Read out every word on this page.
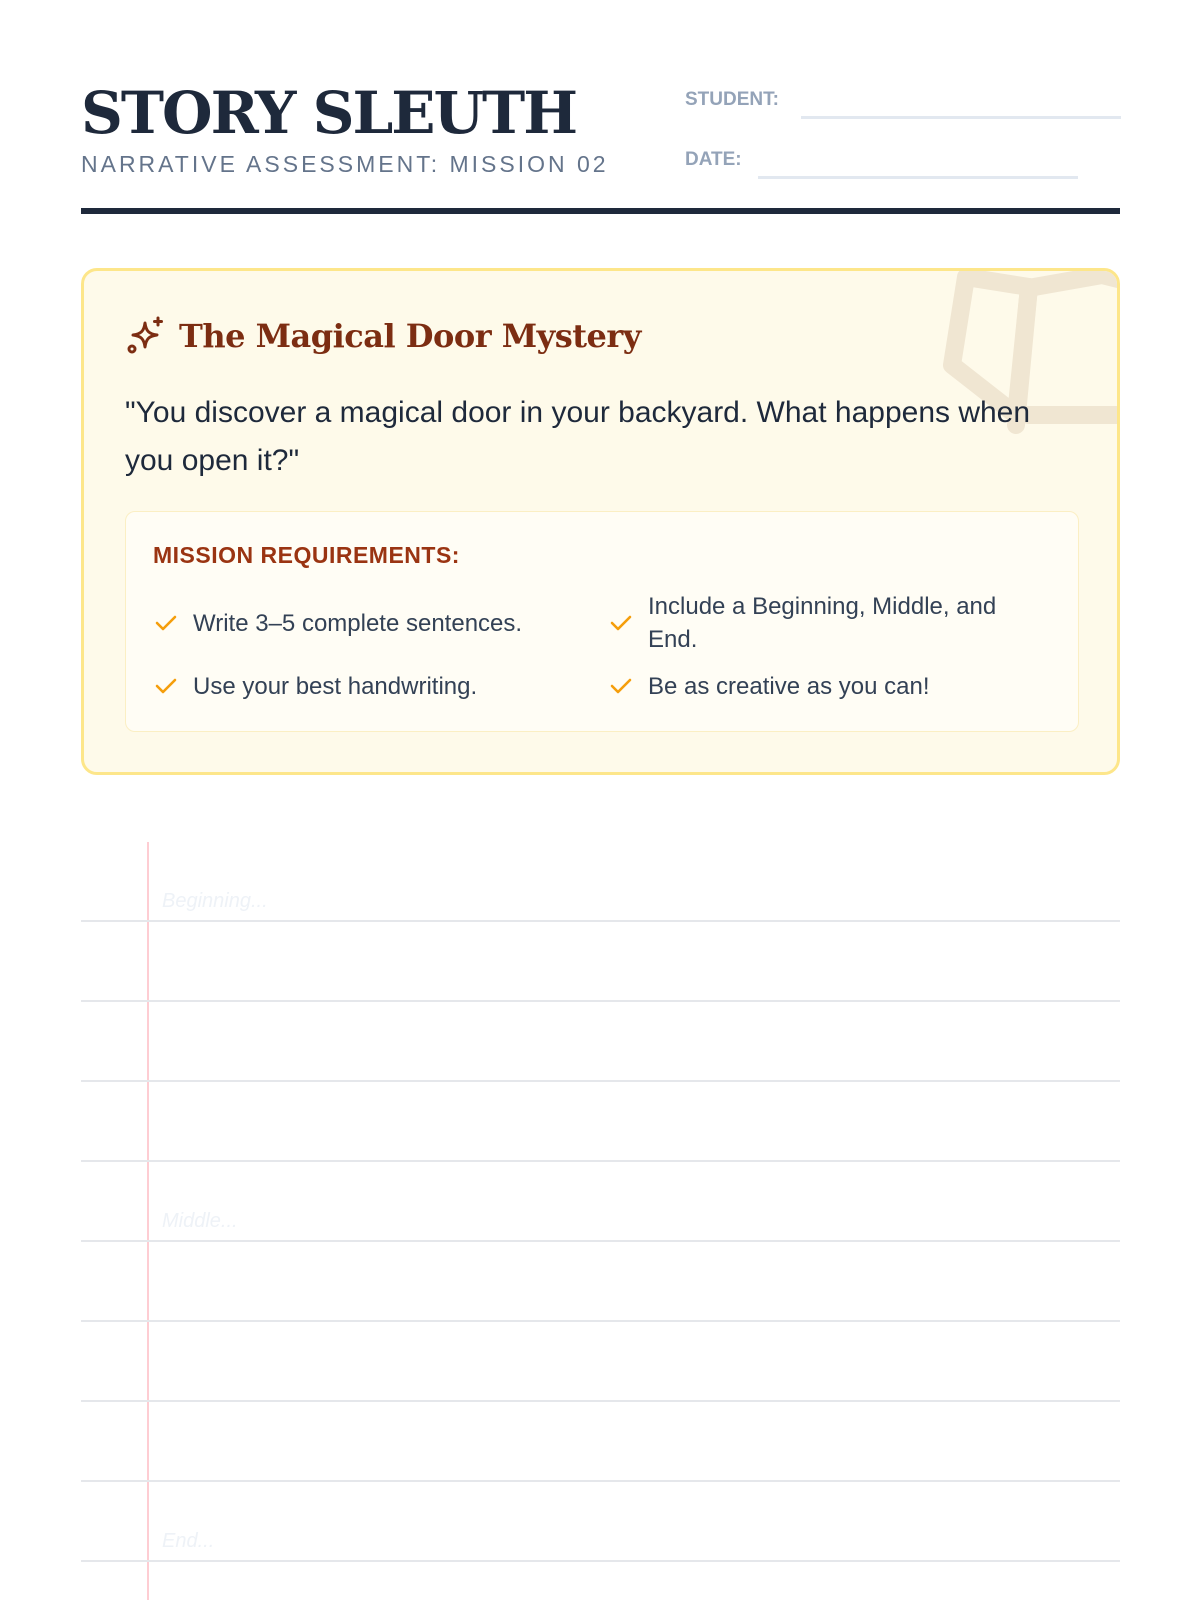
STORY SLEUTH
NARRATIVE ASSESSMENT: MISSION 02
STUDENT:
DATE:
The Magical Door Mystery
"You discover a magical door in your backyard. What happens when you open it?"
MISSION REQUIREMENTS:
Write 3–5 complete sentences.
Include a Beginning, Middle, and End.
Use your best handwriting.	Be as creative as you can!
Beginning...
Middle...
End...
